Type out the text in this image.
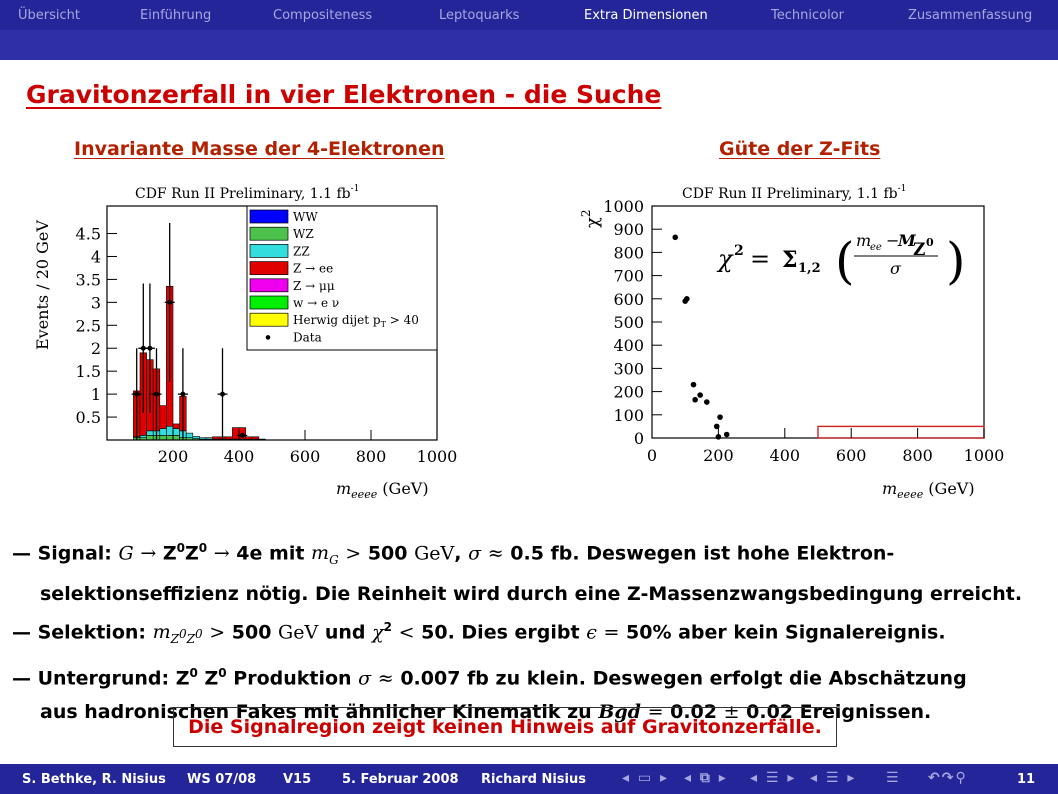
Übersicht	Einführung	Compositeness	Leptoquarks	Extra Dimensionen	Technicolor	Zusammenfassung
Gravitonzerfall in vier Elektronen - die Suche
Invariante Masse der 4-Elektronen	Güte der Z-Fits
CDF Run II Preliminary, 1.1 $fb^{-1}$
WW
WZ
ZZ
Z → ee
Z → μμ
w → e ν
Herwig dijet $p_T > 40$
Data
0.5
1
1.5
2
2.5
3
3.5
4
4.5
200 400 600 800 1000
$m_{eeee}$ (GeV)
Events / 20 GeV
CDF Run II Preliminary, 1.1 $fb^{-1}$
0
100
200
300
400
500
600
700
800
900
1000
0	200 400 600 800 1000
$m_{eeee}$ (GeV)
$\chi^2$
χ 2 = Σ 1,2 ( m
ee −
M
Z 0
σ )
— Signal: $G \to Z^0Z^0 \to 4e$ mit $m_G > 500$ GeV, σ ≈ 0.5 fb. Deswegen ist hohe Elektron-
selektionseffizienz nötig. Die Reinheit wird durch eine Z-Massenzwangsbedingung erreicht.
— Selektion: $m_{Z^0Z^0} > 500$ GeV und $\chi^2 < 50$. Dies ergibt ϵ = 50% aber kein Signalereignis.
— Untergrund: $Z^0$ $Z^0$ Produktion σ ≈ 0.007 fb zu klein. Deswegen erfolgt die Abschätzung
aus hadronischen Fakes mit ähnlicher Kinematik zu Bgd = 0.02 ± 0.02 Ereignissen.
Die Signalregion zeigt keinen Hinweis auf Gravitonzerfälle.
S. Bethke, R. Nisius WS 07/08 V15 5. Februar 2008 Richard Nisius	◂ ▭ ▸ ◂ ⧉ ▸ ◂ ☰ ▸ ◂ ☰ ▸ ☰ ↶↷⚲	11
